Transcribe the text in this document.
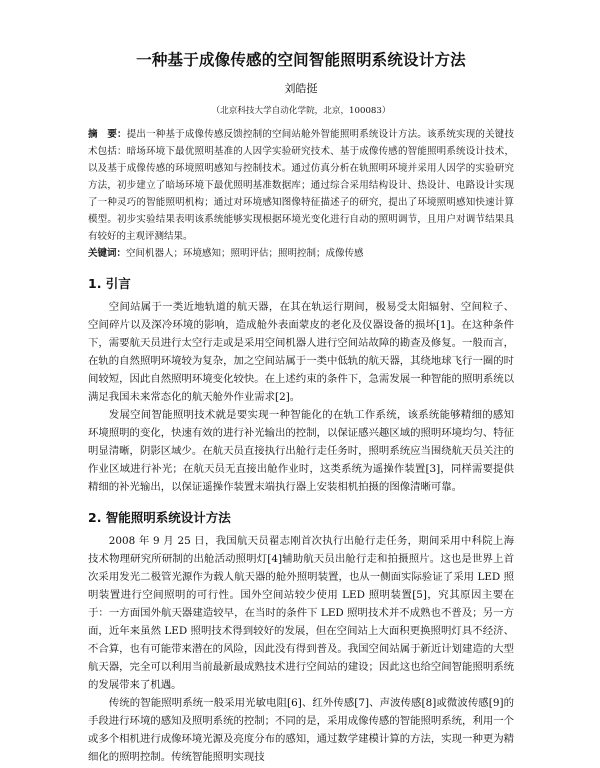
一种基于成像传感的空间智能照明系统设计方法
刘皓挺
（北京科技大学自动化学院，北京，100083）
摘　要：提出一种基于成像传感反馈控制的空间站舱外智能照明系统设计方法。该系统实现的关键技术包括：暗场环境下最优照明基准的人因学实验研究技术、基于成像传感的智能照明系统设计技术，以及基于成像传感的环境照明感知与控制技术。通过仿真分析在轨照明环境并采用人因学的实验研究方法，初步建立了暗场环境下最优照明基准数据库；通过综合采用结构设计、热设计、电路设计实现了一种灵巧的智能照明机构；通过对环境感知图像特征描述子的研究，提出了环境照明感知快速计算模型。初步实验结果表明该系统能够实现根据环境光变化进行自动的照明调节，且用户对调节结果具有较好的主观评测结果。
关键词：空间机器人；环境感知；照明评估；照明控制；成像传感
1. 引言

空间站属于一类近地轨道的航天器，在其在轨运行期间，极易受太阳辐射、空间粒子、空间碎片以及深冷环境的影响，造成舱外表面蒙皮的老化及仪器设备的损坏[1]。在这种条件下，需要航天员进行太空行走或是采用空间机器人进行空间站故障的勘查及修复。一般而言，在轨的自然照明环境较为复杂，加之空间站属于一类中低轨的航天器，其绕地球飞行一圈的时间较短，因此自然照明环境变化较快。在上述约束的条件下，急需发展一种智能的照明系统以满足我国未来常态化的航天舱外作业需求[2]。

发展空间智能照明技术就是要实现一种智能化的在轨工作系统，该系统能够精细的感知环境照明的变化，快速有效的进行补光输出的控制，以保证感兴趣区域的照明环境均匀、特征明显清晰，阴影区域少。在航天员直接执行出舱行走任务时，照明系统应当围绕航天员关注的作业区域进行补光；在航天员无直接出舱作业时，这类系统为遥操作装置[3]，同样需要提供精细的补光输出，以保证遥操作装置末端执行器上安装相机拍摄的图像清晰可靠。

2. 智能照明系统设计方法

2008 年 9 月 25 日，我国航天员翟志刚首次执行出舱行走任务，期间采用中科院上海技术物理研究所研制的出舱活动照明灯[4]辅助航天员出舱行走和拍摄照片。这也是世界上首次采用发光二极管光源作为载人航天器的舱外照明装置，也从一侧面实际验证了采用 LED 照明装置进行空间照明的可行性。国外空间站较少使用 LED 照明装置[5]，究其原因主要在于：一方面国外航天器建造较早，在当时的条件下 LED 照明技术并不成熟也不普及；另一方面，近年来虽然 LED 照明技术得到较好的发展，但在空间站上大面积更换照明灯具不经济、不合算，也有可能带来潜在的风险，因此没有得到普及。我国空间站属于新近计划建造的大型航天器，完全可以利用当前最新最成熟技术进行空间站的建设；因此这也给空间智能照明系统的发展带来了机遇。

传统的智能照明系统一般采用光敏电阻[6]、红外传感[7]、声波传感[8]或微波传感[9]的手段进行环境的感知及照明系统的控制；不同的是，采用成像传感的智能照明系统，利用一个或多个相机进行成像环境光源及亮度分布的感知，通过数学建模计算的方法，实现一种更为精细化的照明控制。传统智能照明实现技
